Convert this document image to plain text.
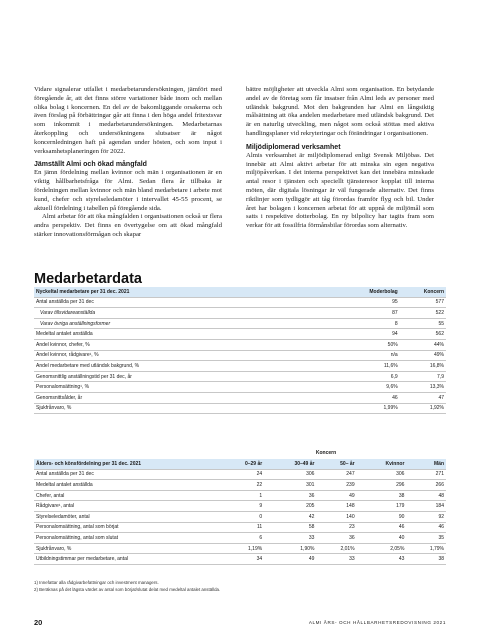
Vidare signalerar utfallet i medarbetarundersökningen, jämfört med föregående år, att det finns större variationer både inom och mellan olika bolag i koncernen. En del av de bakomliggande orsakerna och även förslag på förbättringar går att finna i den höga andel fritextsvar som inkommit i medarbetarundersökningen. Medarbetarnas återkoppling och undersökningens slutsatser är något koncernledningen haft på agendan under hösten, och som input i verksamhetsplaneringen för 2022.

Jämställt Almi och ökad mångfald

En jämn fördelning mellan kvinnor och män i organisationen är en viktig hållbarhetsfråga för Almi. Sedan flera år tillbaka är fördelningen mellan kvinnor och män bland medarbetare i arbete mot kund, chefer och styrelseledamöter i intervallet 45-55 procent, se aktuell fördelning i tabellen på föregående sida.

Almi arbetar för att öka mångfalden i organisationen också ur flera andra perspektiv. Det finns en övertygelse om att ökad mångfald stärker innovationsförmågan och skapar

bättre möjligheter att utveckla Almi som organisation. En betydande andel av de företag som får insatser från Almi leds av personer med utländsk bakgrund. Mot den bakgrunden har Almi en långsiktig målsättning att öka andelen medarbetare med utländsk bakgrund. Det är en naturlig utveckling, men något som också stöttas med aktiva handlingsplaner vid rekryteringar och förändringar i organisationen.

Miljödiplomerad verksamhet

Almis verksamhet är miljödiplomerad enligt Svensk Miljöbas. Det innebär att Almi aktivt arbetar för att minska sin egen negativa miljöpåverkan. I det interna perspektivet kan det innebära minskade antal resor i tjänsten och speciellt tjänsteresor kopplat till interna möten, där digitala lösningar är väl fungerade alternativ. Det finns riktlinjer som tydliggör att tåg förordas framför flyg och bil. Under året har bolagen i koncernen arbetat för att uppnå de miljömål som satts i respektive dotterbolag. En ny bilpolicy har tagits fram som verkar för att fossilfria förmånsbilar förordas som alternativ.

Medarbetardata
Nyckeltal medarbetare per 31 dec. 2021	Moderbolag	Koncern
Antal anställda per 31 dec	95	577
Varav tillsvidareanställda	87	522
Varav övriga anställningsformer	8	55
Medeltal antalet anställda	94	562
Andel kvinnor, chefer, %	50%	44%
Andel kvinnor, rådgivare¹, %	n/a	49%
Andel medarbetare med utländsk bakgrund, %	11,6%	16,8%
Genomsnittlig anställningstid per 31 dec, år	6,9	7,9
Personalomsättning¹, %	9,6%	13,3%
Genomsnittsålder, år	46	47
Sjukfrånvaro, %	1,99%	1,92%
Koncern
Ålders- och könsfördelning per 31 dec. 2021	0–29 år	30–49 år	50– år	Kvinnor	Män
Antal anställda per 31 dec	24	306	247	306	271
Medeltal antalet anställda	22	301	239	296	266
Chefer, antal	1	36	49	38	48
Rådgivare¹, antal	9	205	148	179	184
Styrelseledamöter, antal	0	42	140	90	92
Personalomsättning, antal som börjat	11	58	23	46	46
Personalomsättning, antal som slutat	6	33	36	40	35
Sjukfrånvaro, %	1,19%	1,90%	2,01%	2,05%	1,79%
Utbildningstimmar per medarbetare, antal	34	49	33	43	38
1) Innefattar alla rådgivarbefattningar och investment managers.
2) Beräknas på det lägsta värdet av antal som börjat/slutat delat med medeltal antalet anställda.
20	ALMI ÅRS- OCH HÅLLBARHETSREDOVISNING 2021
